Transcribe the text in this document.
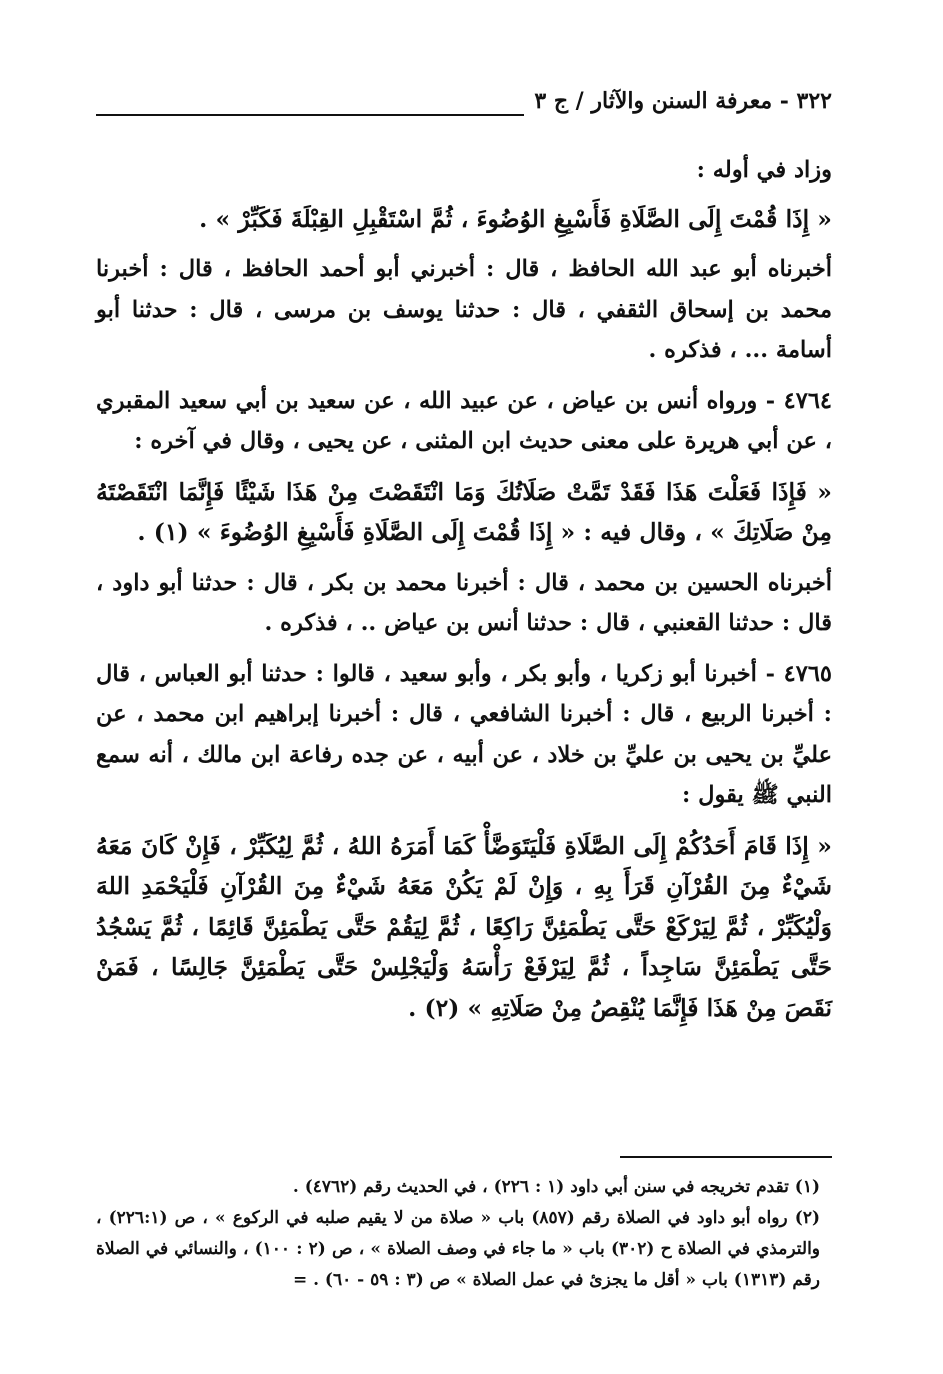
٣٢٢ - معرفة السنن والآثار / ج ٣

وزاد في أوله :

« إِذَا قُمْتَ إِلَى الصَّلَاةِ فَأَسْبِغِ الوُضُوءَ ، ثُمَّ اسْتَقْبِلِ القِبْلَةَ فَكَبِّرْ » .

أخبرناه أبو عبد الله الحافظ ، قال : أخبرني أبو أحمد الحافظ ، قال : أخبرنا محمد بن إسحاق الثقفي ، قال : حدثنا يوسف بن مرسى ، قال : حدثنا أبو أسامة ... ، فذكره .

٤٧٦٤ - ورواه أنس بن عياض ، عن عبيد الله ، عن سعيد بن أبي سعيد المقبري ، عن أبي هريرة على معنى حديث ابن المثنى ، عن يحيى ، وقال في آخره :

« فَإِذَا فَعَلْتَ هَذَا فَقَدْ تَمَّتْ صَلَاتُكَ وَمَا انْتَقَصْتَ مِنْ هَذَا شَيْئًا فَإِنَّمَا انْتَقَصْتَهُ مِنْ صَلَاتِكَ » ، وقال فيه : « إِذَا قُمْتَ إِلَى الصَّلَاةِ فَأَسْبِغِ الوُضُوءَ » (١) .

أخبرناه الحسين بن محمد ، قال : أخبرنا محمد بن بكر ، قال : حدثنا أبو داود ، قال : حدثنا القعنبي ، قال : حدثنا أنس بن عياض .. ، فذكره .

٤٧٦٥ - أخبرنا أبو زكريا ، وأبو بكر ، وأبو سعيد ، قالوا : حدثنا أبو العباس ، قال : أخبرنا الربيع ، قال : أخبرنا الشافعي ، قال : أخبرنا إبراهيم ابن محمد ، عن عليِّ بن يحيى بن عليِّ بن خلاد ، عن أبيه ، عن جده رفاعة ابن مالك ، أنه سمع النبي ﷺ يقول :

« إِذَا قَامَ أَحَدُكُمْ إِلَى الصَّلَاةِ فَلْيَتَوَضَّأْ كَمَا أَمَرَهُ اللهُ ، ثُمَّ لِيُكَبِّرْ ، فَإِنْ كَانَ مَعَهُ شَيْءٌ مِنَ القُرْآنِ قَرَأَ بِهِ ، وَإِنْ لَمْ يَكُنْ مَعَهُ شَيْءٌ مِنَ القُرْآنِ فَلْيَحْمَدِ اللهَ وَلْيُكَبِّرْ ، ثُمَّ لِيَرْكَعْ حَتَّى يَطْمَئِنَّ رَاكِعًا ، ثُمَّ لِيَقُمْ حَتَّى يَطْمَئِنَّ قَائِمًا ، ثُمَّ يَسْجُدُ حَتَّى يَطْمَئِنَّ سَاجِداً ، ثُمَّ لِيَرْفَعْ رَأْسَهُ وَلْيَجْلِسْ حَتَّى يَطْمَئِنَّ جَالِسًا ، فَمَنْ نَقَصَ مِنْ هَذَا فَإِنَّمَا يُنْقِصُ مِنْ صَلَاتِهِ » (٢) .

(١) تقدم تخريجه في سنن أبي داود (١ : ٢٢٦) ، في الحديث رقم (٤٧٦٢) .

(٢) رواه أبو داود في الصلاة رقم (٨٥٧) باب « صلاة من لا يقيم صلبه في الركوع » ، ص (٢٢٦:١) ، والترمذي في الصلاة ح (٣٠٢) باب « ما جاء في وصف الصلاة » ، ص (٢ : ١٠٠) ، والنسائي في الصلاة رقم (١٣١٣) باب « أقل ما يجزئ في عمل الصلاة » ص (٣ : ٥٩ - ٦٠) . =
